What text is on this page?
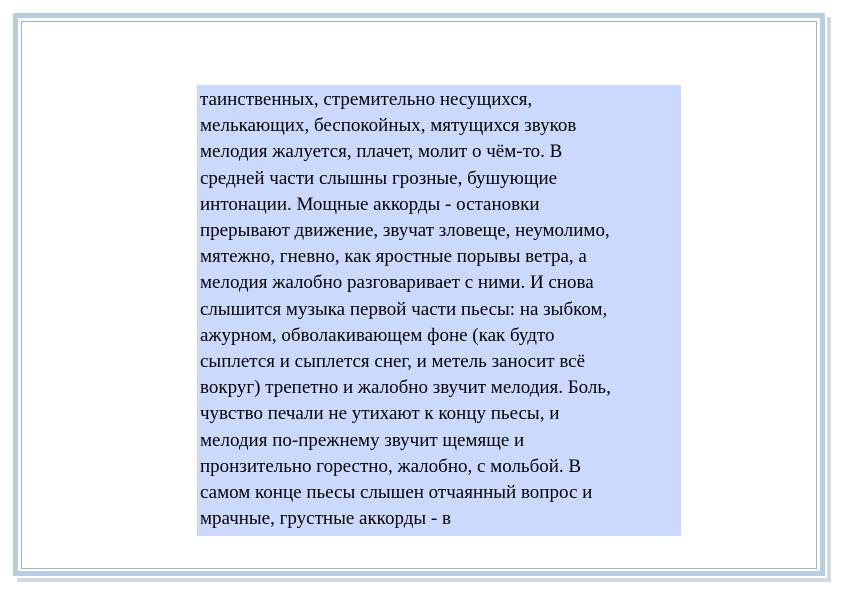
таинственных, стремительно несущихся,
мелькающих, беспокойных, мятущихся звуков
мелодия жалуется, плачет, молит о чём-то. В
средней части слышны грозные, бушующие
интонации. Мощные аккорды - остановки
прерывают движение, звучат зловеще, неумолимо,
мятежно, гневно, как яростные порывы ветра, а
мелодия жалобно разговаривает с ними. И снова
слышится музыка первой части пьесы: на зыбком,
ажурном, обволакивающем фоне (как будто
сыплется и сыплется снег, и метель заносит всё
вокруг) трепетно и жалобно звучит мелодия. Боль,
чувство печали не утихают к концу пьесы, и
мелодия по-прежнему звучит щемяще и
пронзительно горестно, жалобно, с мольбой. В
самом конце пьесы слышен отчаянный вопрос и
мрачные, грустные аккорды - в
